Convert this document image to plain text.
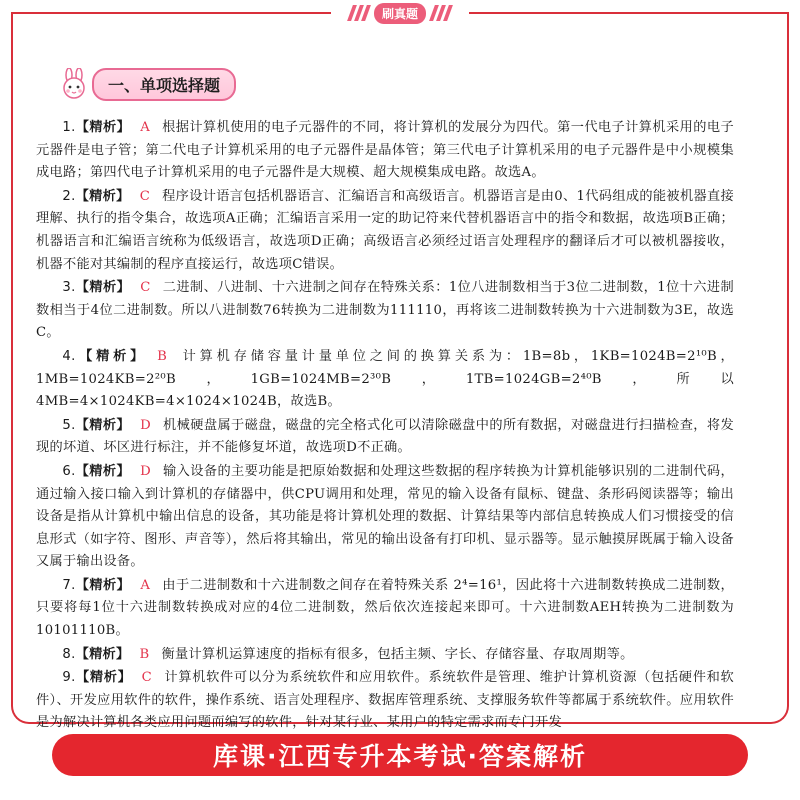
刷真题
一、单项选择题

1.【精析】 A 根据计算机使用的电子元器件的不同，将计算机的发展分为四代。第一代电子计算机采用的电子元器件是电子管；第二代电子计算机采用的电子元器件是晶体管；第三代电子计算机采用的电子元器件是中小规模集成电路；第四代电子计算机采用的电子元器件是大规模、超大规模集成电路。故选A。

2.【精析】 C 程序设计语言包括机器语言、汇编语言和高级语言。机器语言是由0、1代码组成的能被机器直接理解、执行的指令集合，故选项A正确；汇编语言采用一定的助记符来代替机器语言中的指令和数据，故选项B正确；机器语言和汇编语言统称为低级语言，故选项D正确；高级语言必须经过语言处理程序的翻译后才可以被机器接收，机器不能对其编制的程序直接运行，故选项C错误。

3.【精析】 C 二进制、八进制、十六进制之间存在特殊关系：1位八进制数相当于3位二进制数，1位十六进制数相当于4位二进制数。所以八进制数76转换为二进制数为111110，再将该二进制数转换为十六进制数为3E，故选C。

4.【精析】 B 计算机存储容量计量单位之间的换算关系为：1B=8b，1KB=1024B=2¹⁰B，1MB=1024KB=2²⁰B，1GB=1024MB=2³⁰B，1TB=1024GB=2⁴⁰B，所以4MB=4×1024KB=4×1024×1024B，故选B。

5.【精析】 D 机械硬盘属于磁盘，磁盘的完全格式化可以清除磁盘中的所有数据，对磁盘进行扫描检查，将发现的坏道、坏区进行标注，并不能修复坏道，故选项D不正确。

6.【精析】 D 输入设备的主要功能是把原始数据和处理这些数据的程序转换为计算机能够识别的二进制代码，通过输入接口输入到计算机的存储器中，供CPU调用和处理，常见的输入设备有鼠标、键盘、条形码阅读器等；输出设备是指从计算机中输出信息的设备，其功能是将计算机处理的数据、计算结果等内部信息转换成人们习惯接受的信息形式（如字符、图形、声音等），然后将其输出，常见的输出设备有打印机、显示器等。显示触摸屏既属于输入设备又属于输出设备。

7.【精析】 A 由于二进制数和十六进制数之间存在着特殊关系 2⁴=16¹，因此将十六进制数转换成二进制数，只要将每1位十六进制数转换成对应的4位二进制数，然后依次连接起来即可。十六进制数AEH转换为二进制数为10101110B。

8.【精析】 B 衡量计算机运算速度的指标有很多，包括主频、字长、存储容量、存取周期等。

9.【精析】 C 计算机软件可以分为系统软件和应用软件。系统软件是管理、维护计算机资源（包括硬件和软件）、开发应用软件的软件，操作系统、语言处理程序、数据库管理系统、支撑服务软件等都属于系统软件。应用软件是为解决计算机各类应用问题而编写的软件，针对某行业、某用户的特定需求而专门开发

库课·江西专升本考试·答案解析
